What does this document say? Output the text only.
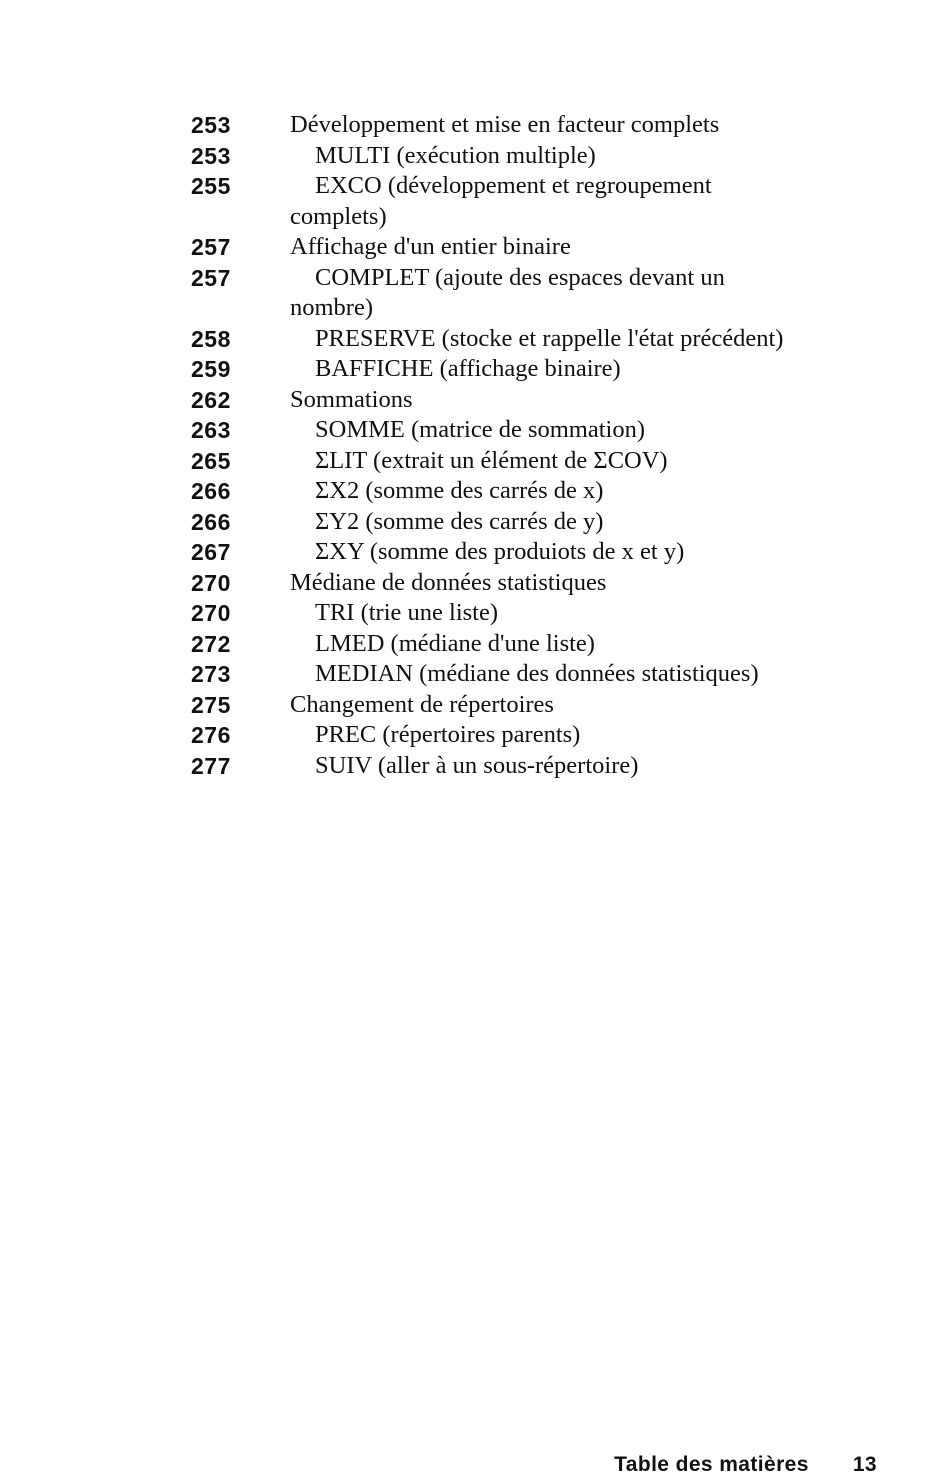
253	Développement et mise en facteur complets
253	MULTI (exécution multiple)
255	EXCO (développement et regroupement
complets)
257	Affichage d'un entier binaire
257	COMPLET (ajoute des espaces devant un
nombre)
258	PRESERVE (stocke et rappelle l'état précédent)
259	BAFFICHE (affichage binaire)
262	Sommations
263	SOMME (matrice de sommation)
265	ΣLIT (extrait un élément de ΣCOV)
266	ΣX2 (somme des carrés de x)
266	ΣY2 (somme des carrés de y)
267	ΣXY (somme des produiots de x et y)
270	Médiane de données statistiques
270	TRI (trie une liste)
272	LMED (médiane d'une liste)
273	MEDIAN (médiane des données statistiques)
275	Changement de répertoires
276	PREC (répertoires parents)
277	SUIV (aller à un sous-répertoire)
Table des matières 13
